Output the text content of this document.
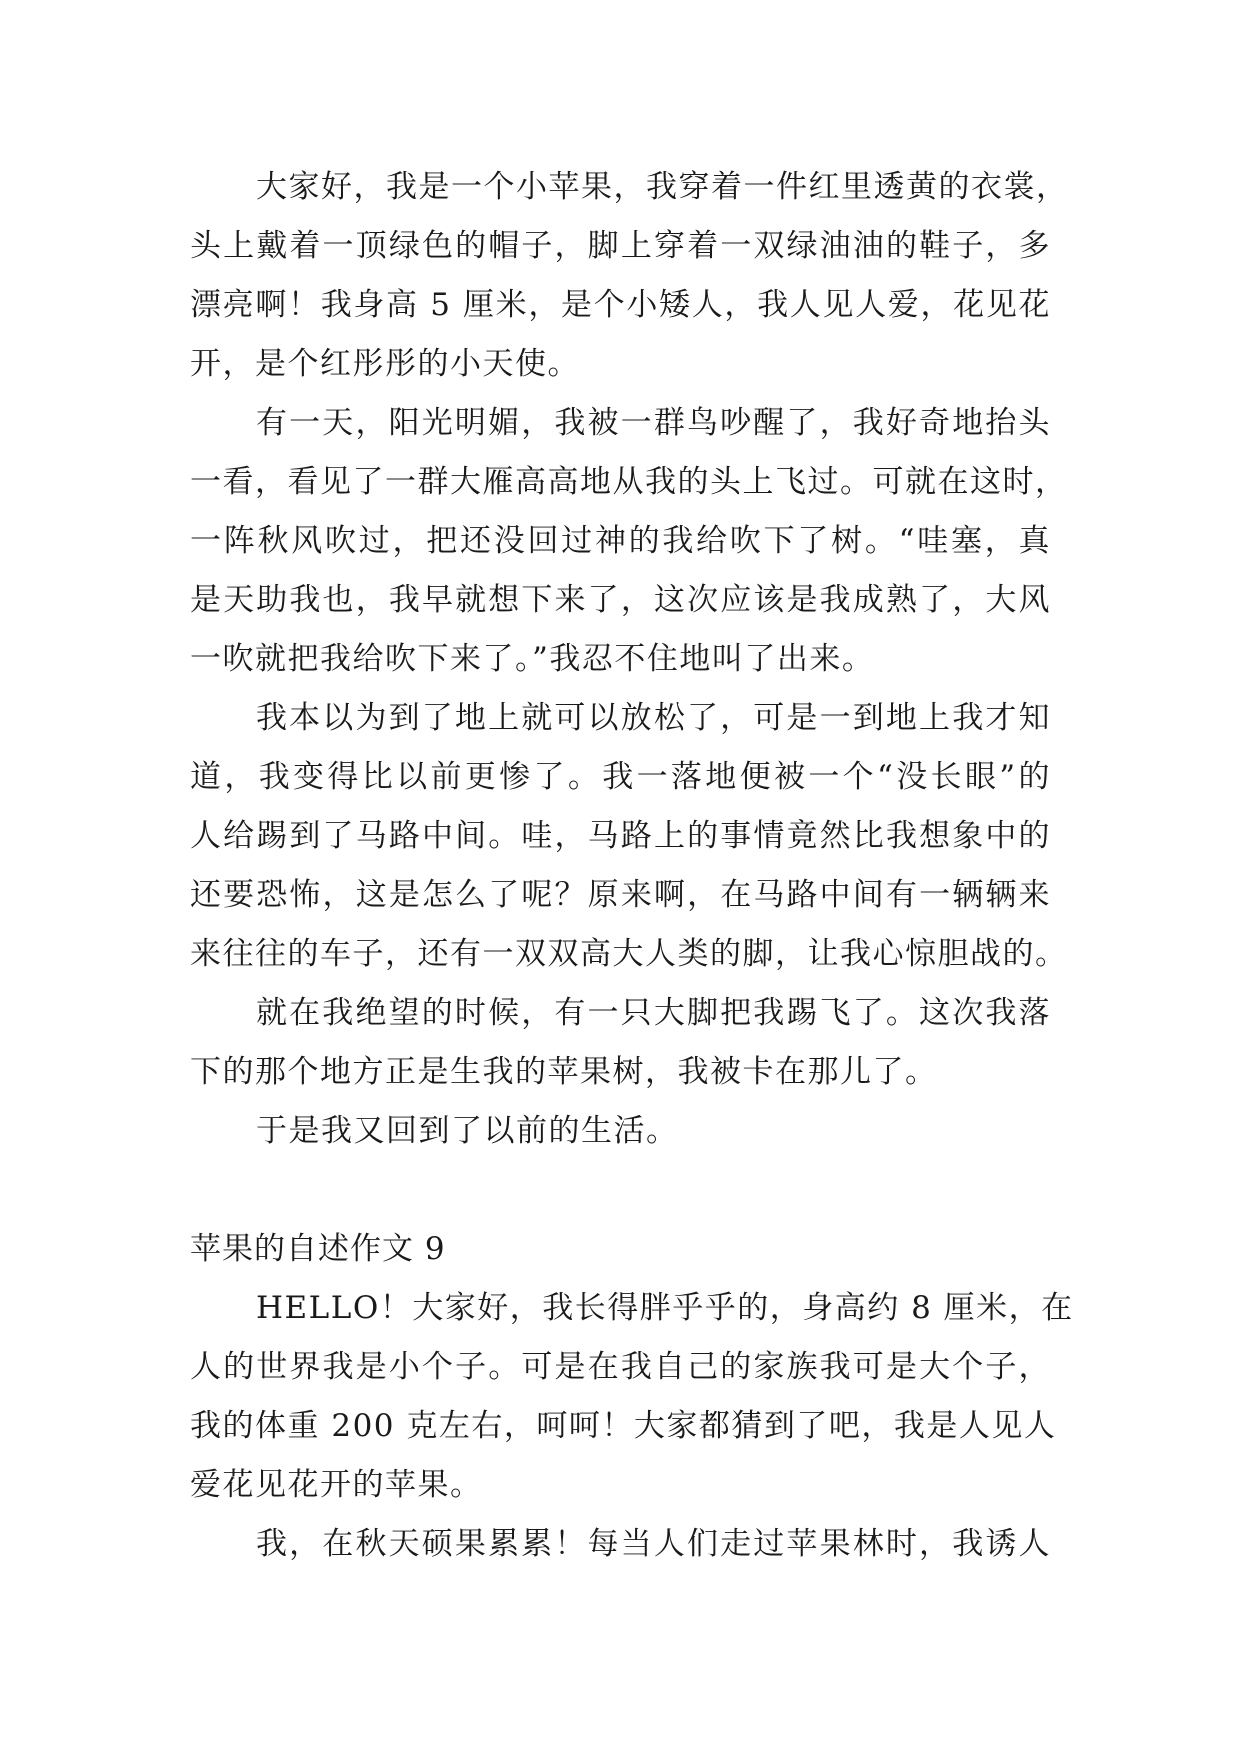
大家好，我是一个小苹果，我穿着一件红里透黄的衣裳，
头上戴着一顶绿色的帽子，脚上穿着一双绿油油的鞋子，多
漂亮啊！我身高 5 厘米，是个小矮人，我人见人爱，花见花
开，是个红彤彤的小天使。
有一天，阳光明媚，我被一群鸟吵醒了，我好奇地抬头
一看，看见了一群大雁高高地从我的头上飞过。可就在这时，
一阵秋风吹过，把还没回过神的我给吹下了树。“哇塞，真
是天助我也，我早就想下来了，这次应该是我成熟了，大风
一吹就把我给吹下来了。”我忍不住地叫了出来。
我本以为到了地上就可以放松了，可是一到地上我才知
道，我变得比以前更惨了。我一落地便被一个“没长眼”的
人给踢到了马路中间。哇，马路上的事情竟然比我想象中的
还要恐怖，这是怎么了呢？原来啊，在马路中间有一辆辆来
来往往的车子，还有一双双高大人类的脚，让我心惊胆战的。
就在我绝望的时候，有一只大脚把我踢飞了。这次我落
下的那个地方正是生我的苹果树，我被卡在那儿了。
于是我又回到了以前的生活。
苹果的自述作文 9
HELLO！大家好，我长得胖乎乎的，身高约 8 厘米，在
人的世界我是小个子。可是在我自己的家族我可是大个子，
我的体重 200 克左右，呵呵！大家都猜到了吧，我是人见人
爱花见花开的苹果。
我，在秋天硕果累累！每当人们走过苹果林时，我诱人
